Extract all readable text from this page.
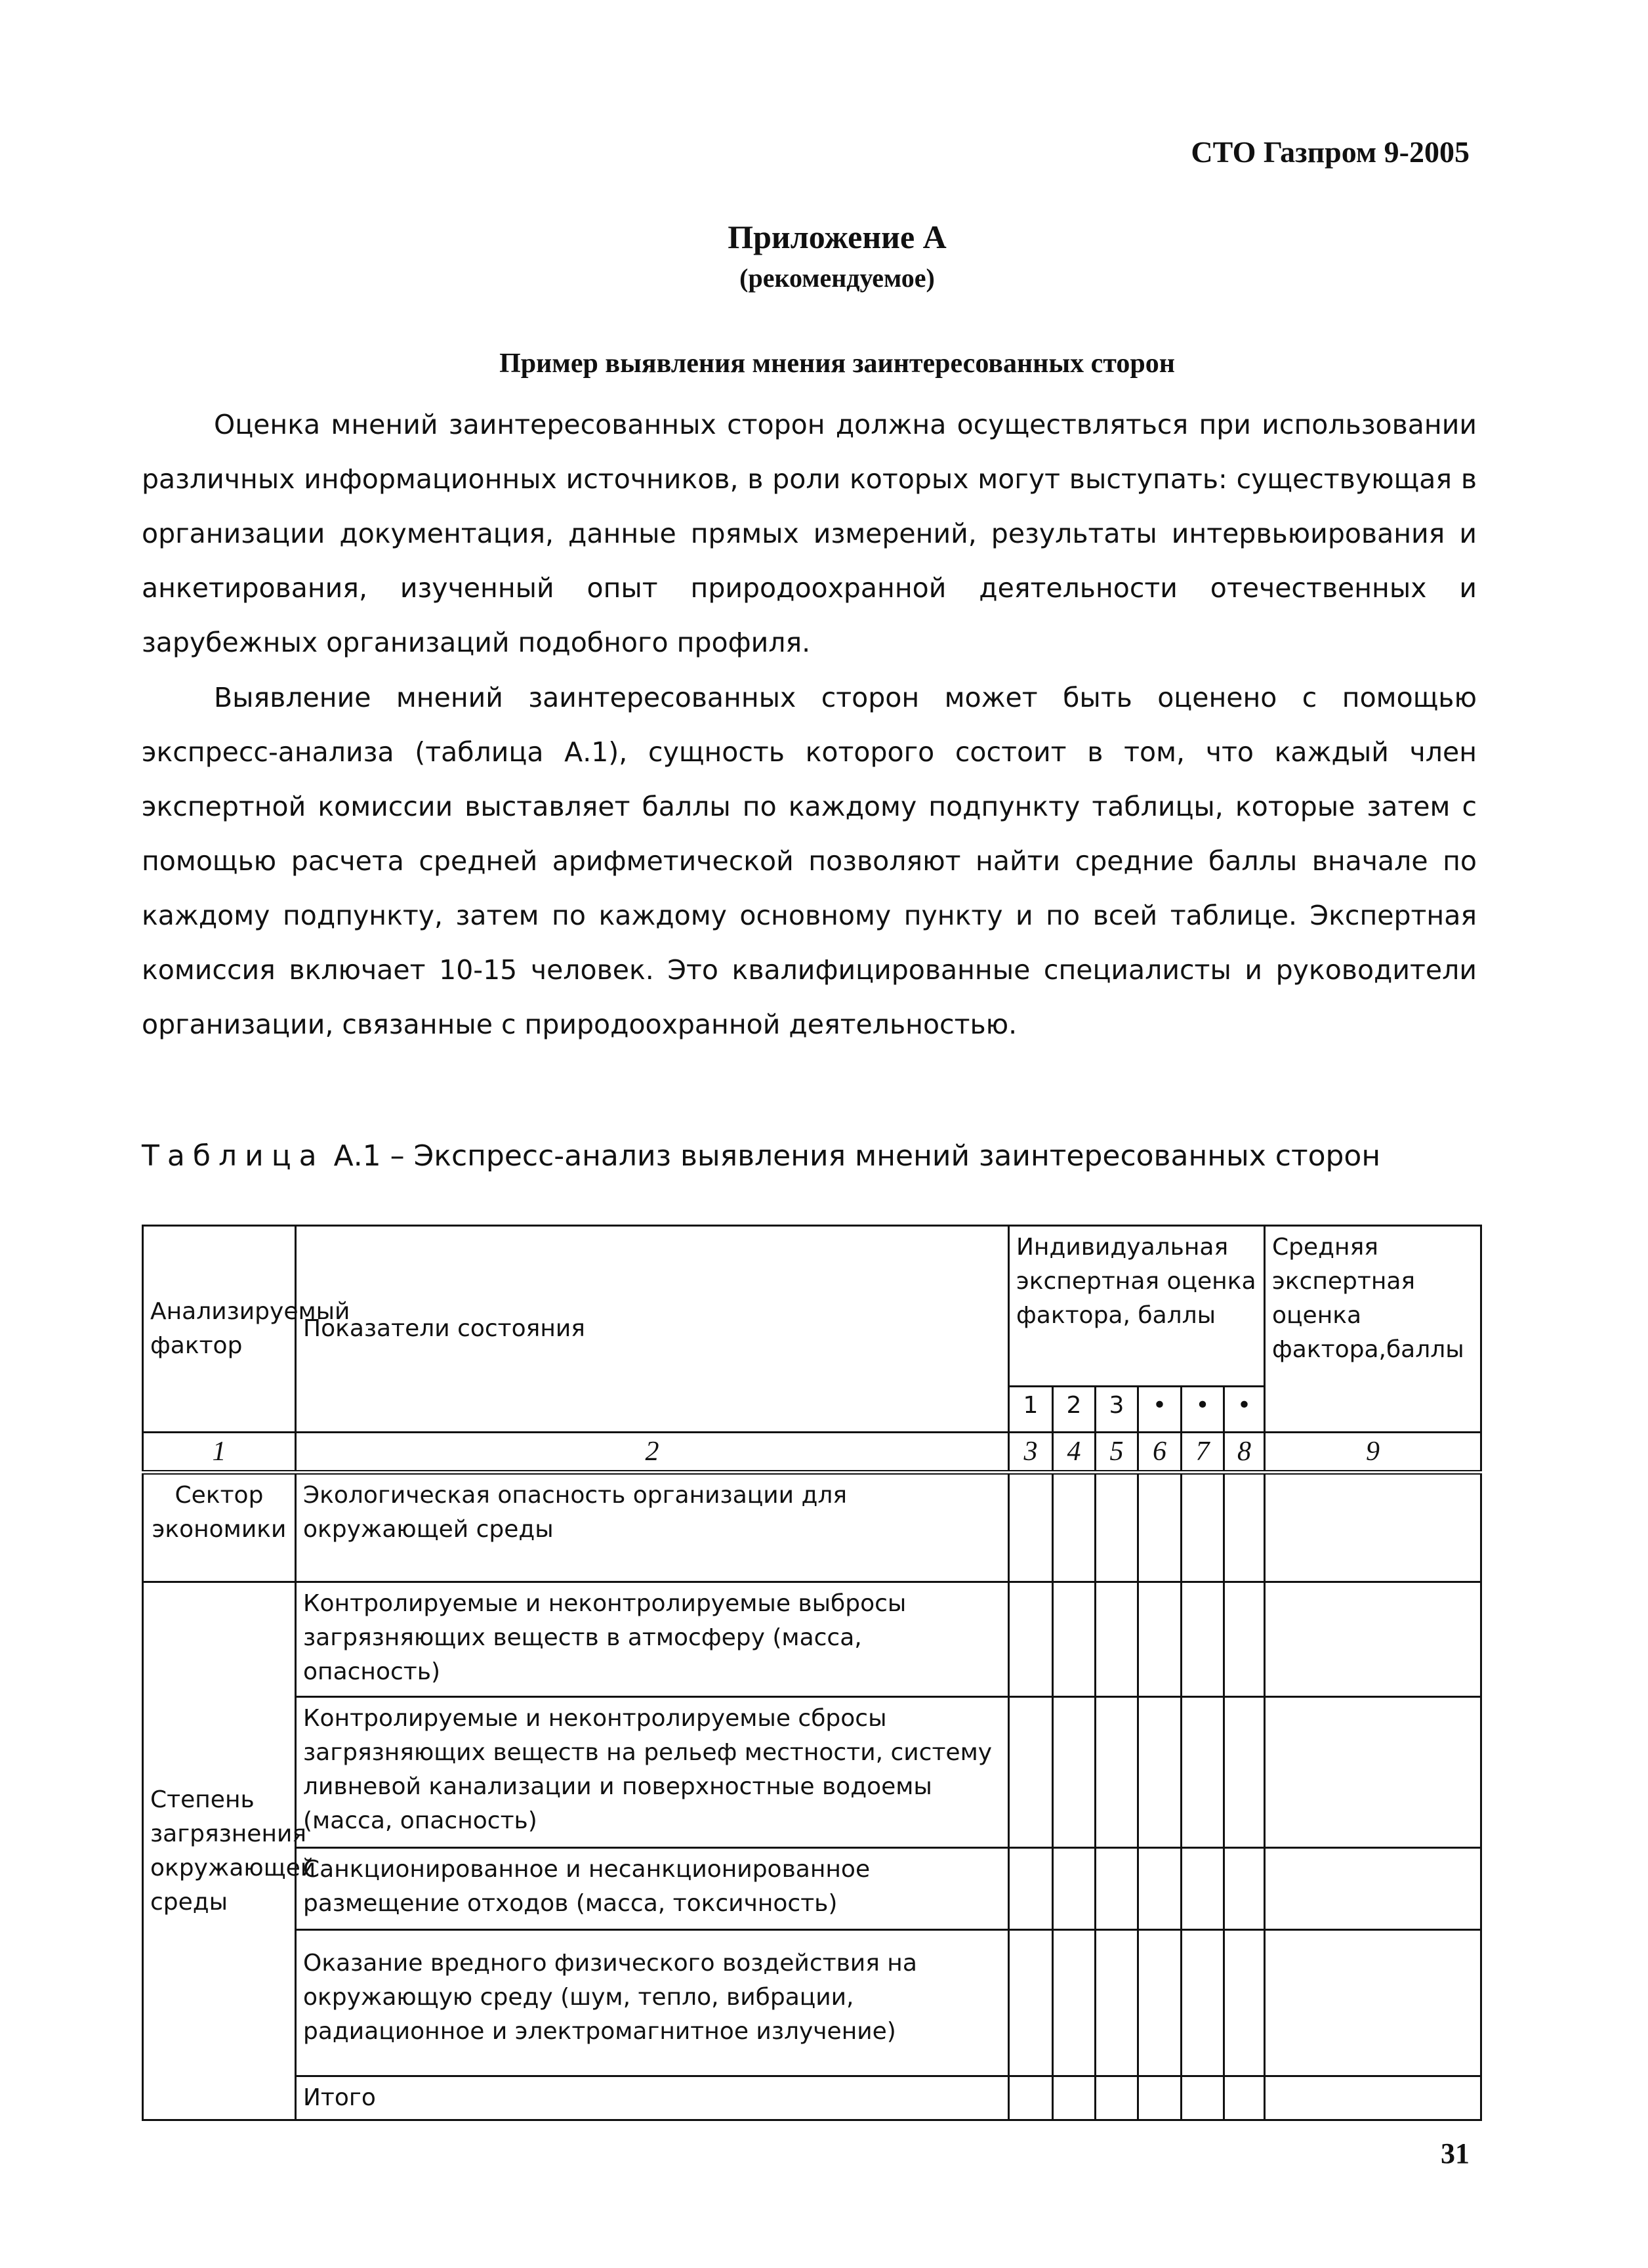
СТО Газпром 9-2005
Приложение А
(рекомендуемое)
Пример выявления мнения заинтересованных сторон
Оценка мнений заинтересованных сторон должна осуществляться при использовании различных информационных источников, в роли которых могут выступать: существующая в организации документация, данные прямых измерений, результаты интервьюирования и анкетирования, изученный опыт природоохранной деятельности отечественных и зарубежных организаций подобного профиля.
Выявление мнений заинтересованных сторон может быть оценено с помощью экспресс-анализа (таблица А.1), сущность которого состоит в том, что каждый член экспертной комиссии выставляет баллы по каждому подпункту таблицы, которые затем с помощью расчета средней арифметической позволяют найти средние баллы вначале по каждому подпункту, затем по каждому основному пункту и по всей таблице. Экспертная комиссия включает 10-15 человек. Это квалифицированные специалисты и руководители организации, связанные с природоохранной деятельностью.
Таблица А.1 – Экспресс-анализ выявления мнений заинтересованных сторон
Анализируемый фактор	Показатели состояния	Индивидуальная экспертная оценка фактора, баллы						Средняя экспертная оценка фактора,баллы
		1	2	3	•	•	•	
1	2	3	4	5	6	7	8	9
Сектор экономики	Экологическая опасность организации для окружающей среды							
Степень загрязнения окружающей среды	Контролируемые и неконтролируемые выбросы загрязняющих веществ в атмосферу (масса, опасность)							
	Контролируемые и неконтролируемые сбросы загрязняющих веществ на рельеф местности, систему ливневой канализации и поверхностные водоемы (масса, опасность)							
	Санкционированное и несанкционированное размещение отходов (масса, токсичность)							
	Оказание вредного физического воздействия на окружающую среду (шум, тепло, вибрации, радиационное и электромагнитное излучение)							
	Итого							
31
